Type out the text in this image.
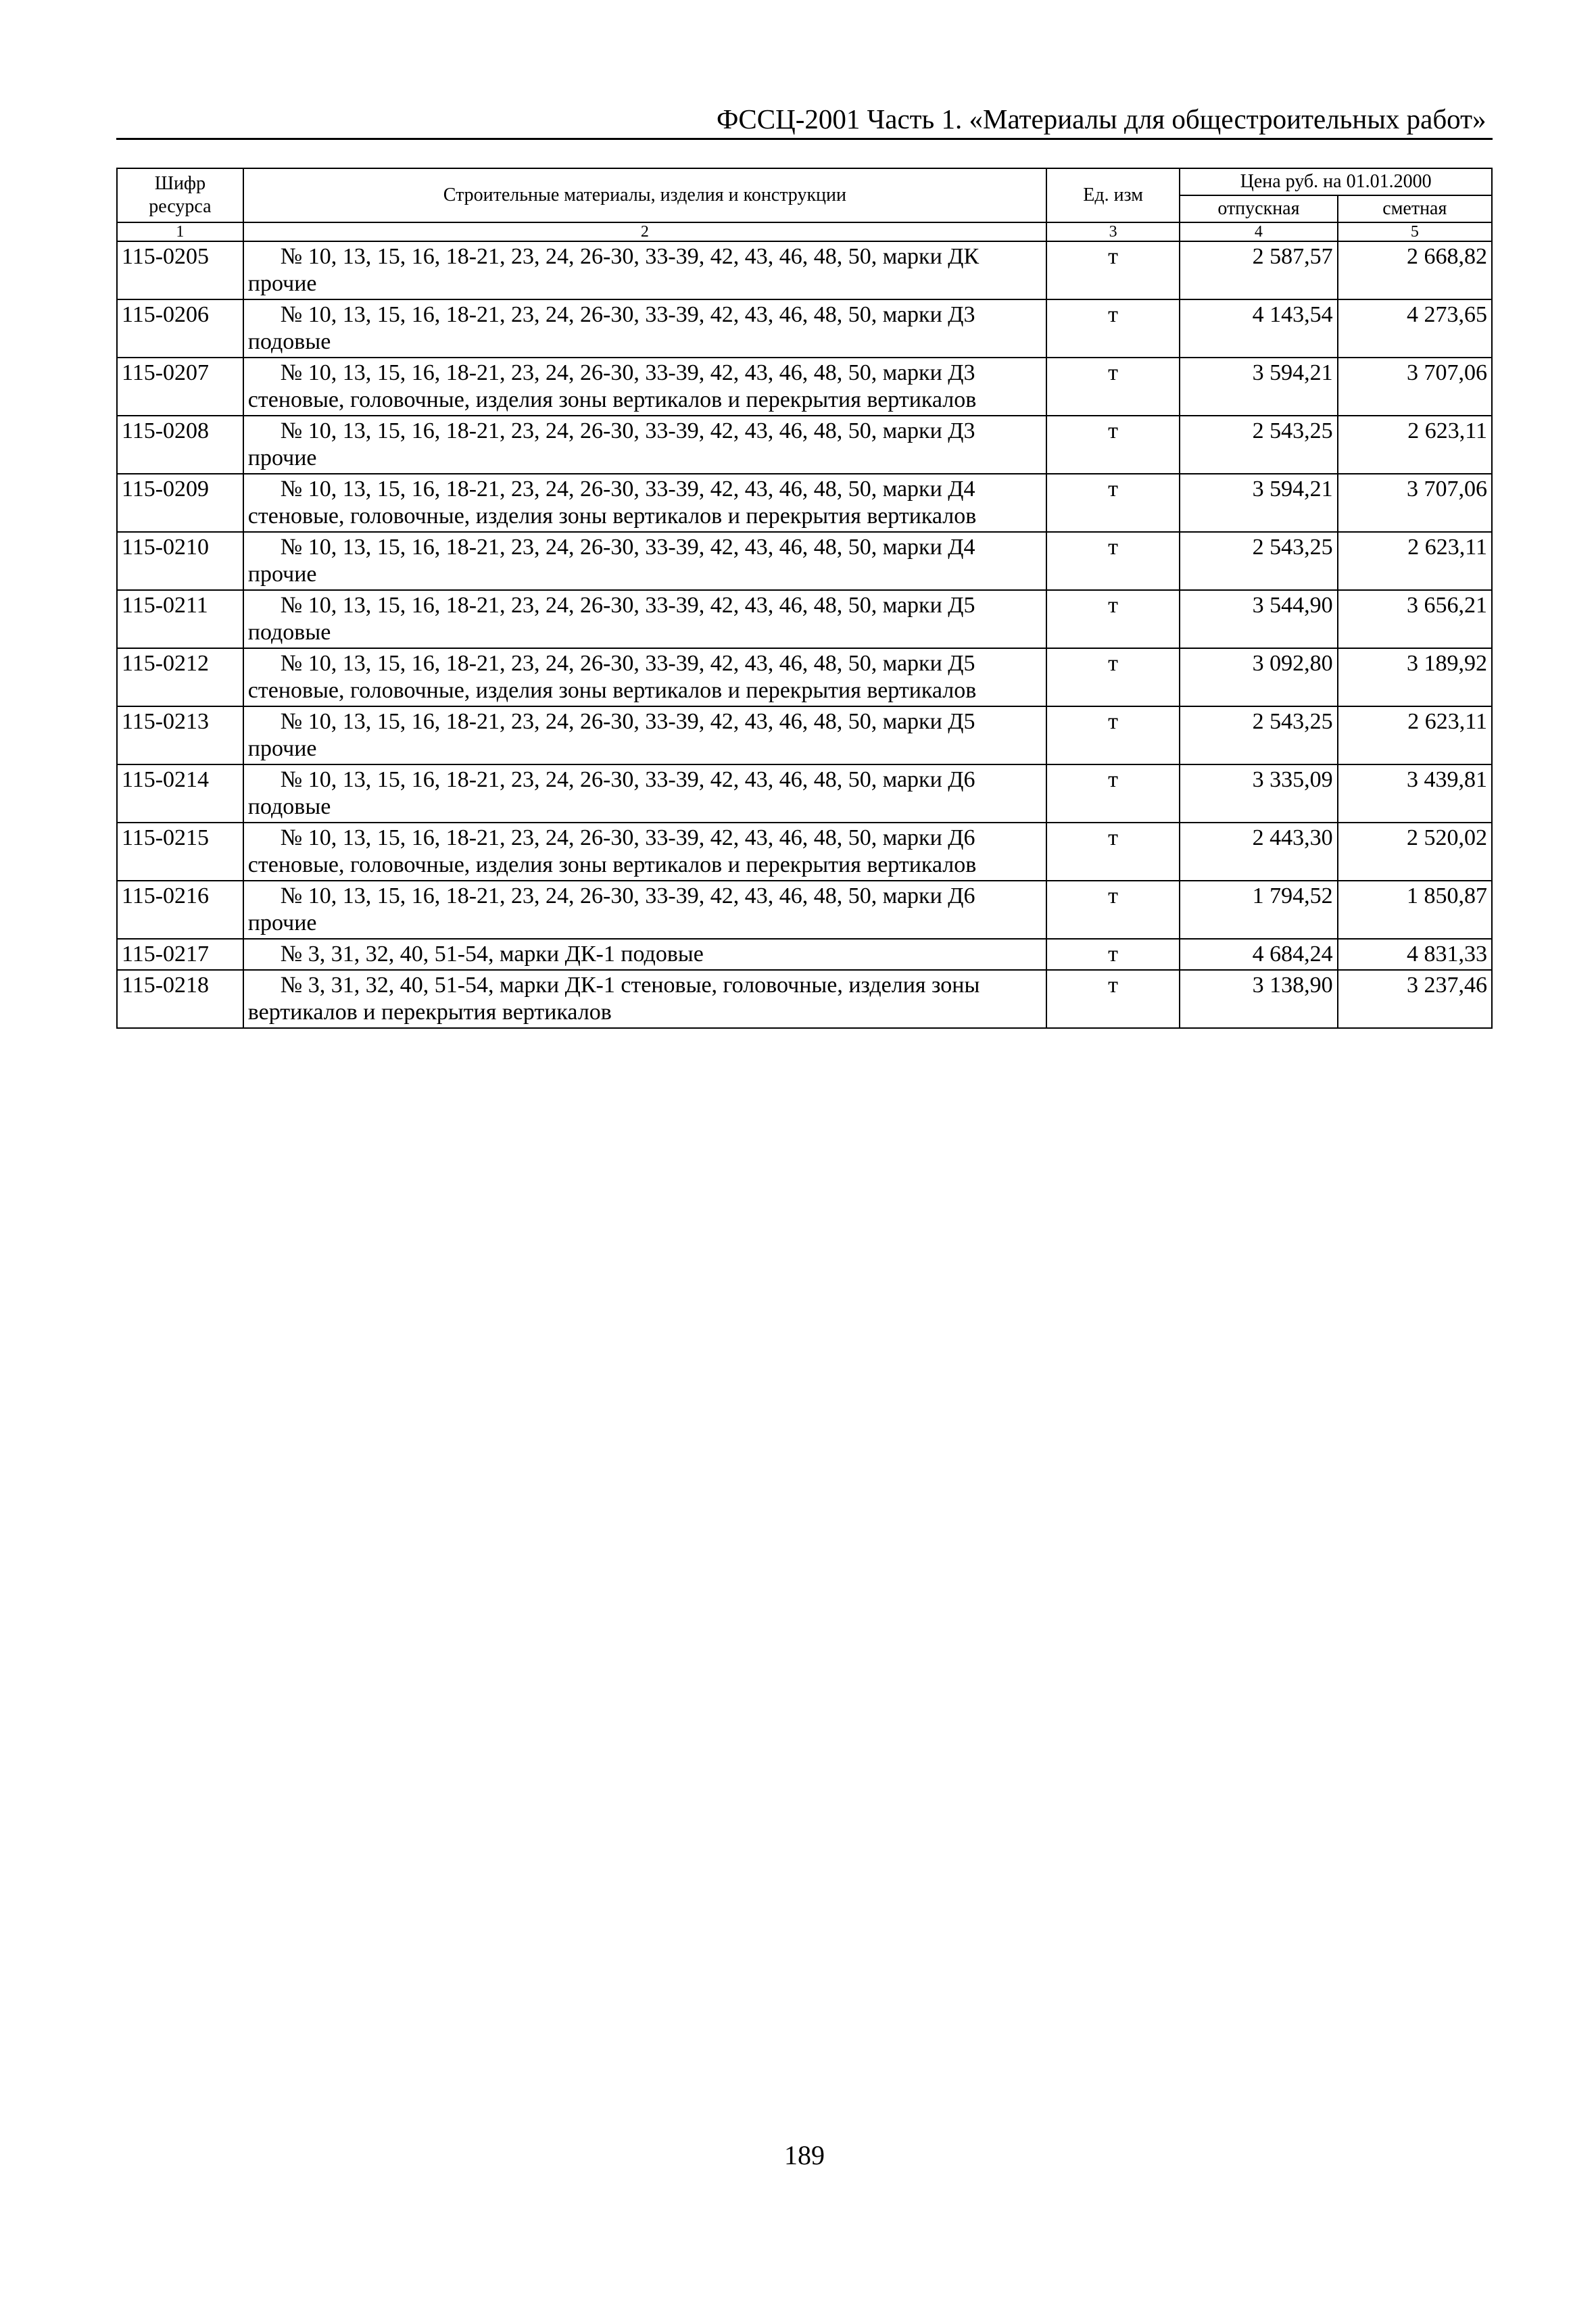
ФССЦ-2001 Часть 1. «Материалы для общестроительных работ»
Шифр ресурса	Строительные материалы, изделия и конструкции	Ед. изм	Цена руб. на 01.01.2000	
			отпускная	сметная
1	2	3	4	5
115-0205	№ 10, 13, 15, 16, 18-21, 23, 24, 26-30, 33-39, 42, 43, 46, 48, 50, марки ДК прочие	т	2 587,57	2 668,82
115-0206	№ 10, 13, 15, 16, 18-21, 23, 24, 26-30, 33-39, 42, 43, 46, 48, 50, марки Д3 подовые	т	4 143,54	4 273,65
115-0207	№ 10, 13, 15, 16, 18-21, 23, 24, 26-30, 33-39, 42, 43, 46, 48, 50, марки Д3 стеновые, головочные, изделия зоны вертикалов и перекрытия вертикалов	т	3 594,21	3 707,06
115-0208	№ 10, 13, 15, 16, 18-21, 23, 24, 26-30, 33-39, 42, 43, 46, 48, 50, марки Д3 прочие	т	2 543,25	2 623,11
115-0209	№ 10, 13, 15, 16, 18-21, 23, 24, 26-30, 33-39, 42, 43, 46, 48, 50, марки Д4 стеновые, головочные, изделия зоны вертикалов и перекрытия вертикалов	т	3 594,21	3 707,06
115-0210	№ 10, 13, 15, 16, 18-21, 23, 24, 26-30, 33-39, 42, 43, 46, 48, 50, марки Д4 прочие	т	2 543,25	2 623,11
115-0211	№ 10, 13, 15, 16, 18-21, 23, 24, 26-30, 33-39, 42, 43, 46, 48, 50, марки Д5 подовые	т	3 544,90	3 656,21
115-0212	№ 10, 13, 15, 16, 18-21, 23, 24, 26-30, 33-39, 42, 43, 46, 48, 50, марки Д5 стеновые, головочные, изделия зоны вертикалов и перекрытия вертикалов	т	3 092,80	3 189,92
115-0213	№ 10, 13, 15, 16, 18-21, 23, 24, 26-30, 33-39, 42, 43, 46, 48, 50, марки Д5 прочие	т	2 543,25	2 623,11
115-0214	№ 10, 13, 15, 16, 18-21, 23, 24, 26-30, 33-39, 42, 43, 46, 48, 50, марки Д6 подовые	т	3 335,09	3 439,81
115-0215	№ 10, 13, 15, 16, 18-21, 23, 24, 26-30, 33-39, 42, 43, 46, 48, 50, марки Д6 стеновые, головочные, изделия зоны вертикалов и перекрытия вертикалов	т	2 443,30	2 520,02
115-0216	№ 10, 13, 15, 16, 18-21, 23, 24, 26-30, 33-39, 42, 43, 46, 48, 50, марки Д6 прочие	т	1 794,52	1 850,87
115-0217	№ 3, 31, 32, 40, 51-54, марки ДК-1 подовые	т	4 684,24	4 831,33
115-0218	№ 3, 31, 32, 40, 51-54, марки ДК-1 стеновые, головочные, изделия зоны вертикалов и перекрытия вертикалов	т	3 138,90	3 237,46
189
